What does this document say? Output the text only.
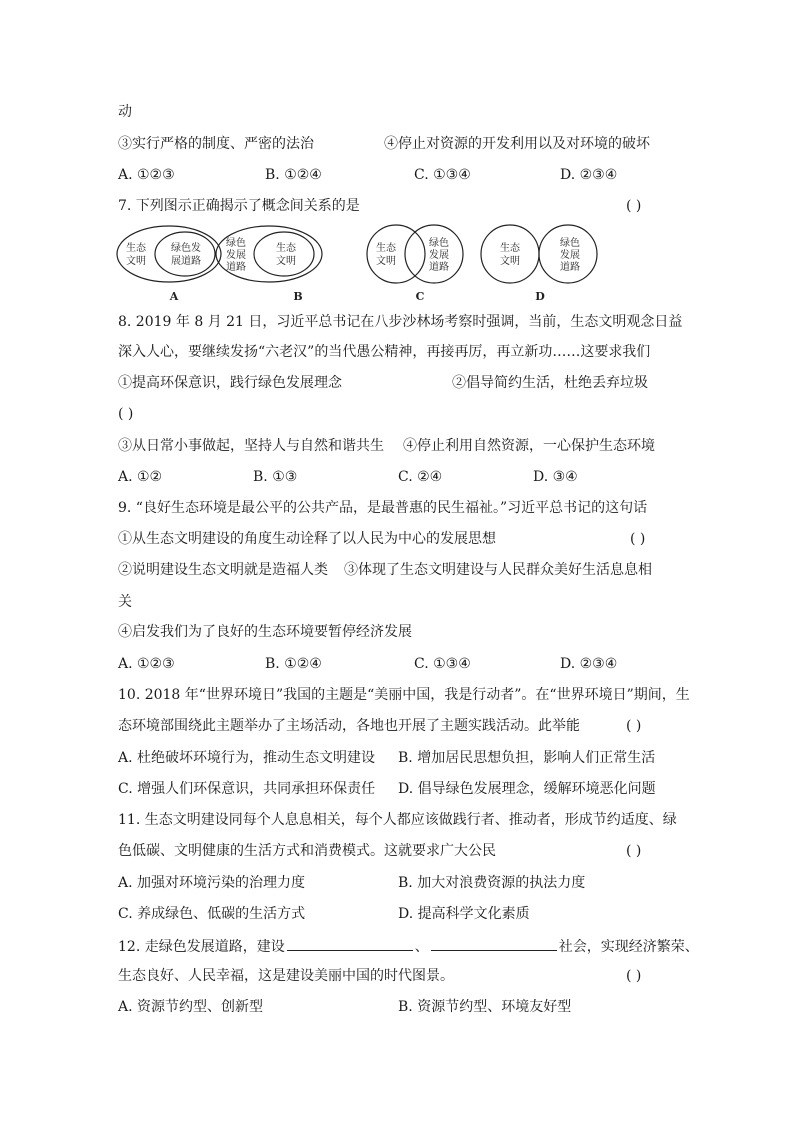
动
③实行严格的制度、严密的法治	④停止对资源的开发利用以及对环境的破坏
A. ①②③	B. ①②④	C. ①③④	D. ②③④
7. 下列图示正确揭示了概念间关系的是	( )
生态
文明
绿色发
展道路
绿色
发展
道路
生态
文明
生态
文明
绿色
发展
道路
生态
文明
绿色
发展
道路
A	B	C	D
8. 2019 年 8 月 21 日，习近平总书记在八步沙林场考察时强调，当前，生态文明观念日益
深入人心，要继续发扬“六老汉”的当代愚公精神，再接再厉，再立新功……这要求我们
①提高环保意识，践行绿色发展理念	②倡导简约生活，杜绝丢弃垃圾
( )
③从日常小事做起，坚持人与自然和谐共生 ④停止利用自然资源，一心保护生态环境
A. ①②	B. ①③	C. ②④	D. ③④
9. “良好生态环境是最公平的公共产品，是最普惠的民生福祉。”习近平总书记的这句话
①从生态文明建设的角度生动诠释了以人民为中心的发展思想	( )
②说明建设生态文明就是造福人类 ③体现了生态文明建设与人民群众美好生活息息相
关
④启发我们为了良好的生态环境要暂停经济发展
A. ①②③	B. ①②④	C. ①③④	D. ②③④
10. 2018 年“世界环境日”我国的主题是“美丽中国，我是行动者”。在“世界环境日”期间，生
态环境部围绕此主题举办了主场活动，各地也开展了主题实践活动。此举能	( )
A. 杜绝破坏环境行为，推动生态文明建设 B. 增加居民思想负担，影响人们正常生活
C. 增强人们环保意识，共同承担环保责任 D. 倡导绿色发展理念，缓解环境恶化问题
11. 生态文明建设同每个人息息相关，每个人都应该做践行者、推动者，形成节约适度、绿
色低碳、文明健康的生活方式和消费模式。这就要求广大公民	( )
A. 加强对环境污染的治理力度	B. 加大对浪费资源的执法力度
C. 养成绿色、低碳的生活方式	D. 提高科学文化素质
12. 走绿色发展道路，建设	、	社会，实现经济繁荣、
生态良好、人民幸福，这是建设美丽中国的时代图景。	( )
A. 资源节约型、创新型	B. 资源节约型、环境友好型
